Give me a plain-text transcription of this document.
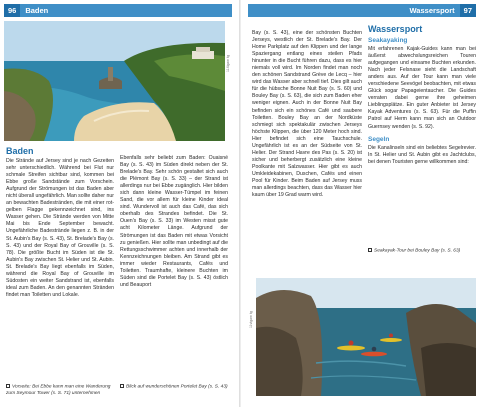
96	Baden	Wassersport	97
114lgam tg
Baden

Die Strände auf Jersey sind je nach Gezeiten sehr unterschiedlich. Während bei Flut nur schmale Streifen sichtbar sind, kommen bei Ebbe große Sandstände zum Vorschein. Aufgrund der Strömungen ist das Baden aber nicht überall ungefährlich. Man sollte daher nur an bewachten Badestränden, die mit einer rot-gelben Flagge gekennzeichnet sind, ins Wasser gehen. Die Strände werden von Mitte Mai bis Ende September bewacht. Ungefährliche Badestrände liegen z. B. in der St. Aubin's Bay (s. S. 43), St. Brelade's Bay (s. S. 43) und der Royal Bay of Grouville (s. S. 78). Die größte Bucht im Süden ist die St. Aubin's Bay zwischen St. Helier und St. Aubin. St. Brelade's Bay liegt ebenfalls im Süden, während die Royal Bay of Grouville im Südosten ein weiter Sandstrand ist, ebenfalls ideal zum Baden. An den genannten Stränden findet man Toiletten und Lokale.

Ebenfalls sehr beliebt zum Baden: Ouaisné Bay (s. S. 43) im Süden direkt neben der St. Brelade's Bay. Sehr schön gestaltet sich auch die Plémont Bay (s. S. 33) – der Strand ist allerdings nur bei Ebbe zugänglich. Hier bilden sich dann kleine Wasser-Tümpel im feinen Sand, die vor allem für kleine Kinder ideal sind. Wundervoll ist auch das Café, das sich oberhalb des Strandes befindet. Die St. Ouen's Bay (s. S. 33) im Westen misst gute acht Kilometer Länge. Aufgrund der Strömungen ist das Baden mit etwas Vorsicht zu genießen. Hier sollte man unbedingt auf die Rettungsschwimmer achten und innerhalb der Kennzeichnungen bleiben. Am Strand gibt es immer wieder Restaurants, Cafés und Toiletten. Traumhafte, kleinere Buchten im Süden sind die Portelet Bay (s. S. 43) östlich und Beauport

Vorseite: Bei Ebbe kann man eine Wanderung zum Seymour Tower (s. S. 71) unternehmen
Blick auf wunderschönen Portelet Bay (s. S. 43)

Bay (s. S. 43), eine der schönsten Buchten Jerseys, westlich der St. Brelade's Bay. Der Home Parkplatz auf den Klippen und der lange Spaziergang entlang eines steilen Pfads hinunter in die Bucht führen dazu, dass es hier niemals voll wird. Im Norden findet man noch den schönen Sandstrand Grève de Lecq – hier wird das Wasser aber schnell tief. Dies gilt auch für die hübsche Bonne Nuit Bay (s. S. 60) und Bouley Bay (s. S. 63), die sich zum Baden eher weniger eignen. Auch in der Bonne Nuit Bay befinden sich ein schönes Café und saubere Toiletten. Bouley Bay an der Nordküste schmiegt sich spektakulär zwischen Jerseys höchste Klippen, die über 120 Meter hoch sind. Hier befindet sich eine Tauchschule. Ungefährlich ist es an der Südseite von St. Helier. Der Strand Havre des Pas (s. S. 20) ist sicher und beherbergt zusätzlich eine kleine Poolkante mit Salzwasser. Hier gibt es auch Umkleidekabinen, Duschen, Cafés und einen Pool für Kinder. Beim Baden auf Jersey muss man allerdings beachten, dass das Wasser hier kaum über 19 Grad warm wird.

Wassersport
Seakayaking

Mit erfahrenen Kajak-Guides kann man bei äußerst abwechslungsreichen Touren aufgegangen und einsame Buchten erkunden. Nach jeder Felsnase sieht die Landschaft anders aus. Auf der Tour kann man viele verschiedene Seevögel beobachten, mit etwas Glück sogar Papageientaucher. Die Guides verraten dabei gerne ihre geheimen Lieblingsplätze. Ein guter Anbieter ist Jersey Kayak Adventures (s. S. 63). Für die Puffin Patrol auf Herm kann man sich an Outdoor Guernsey wenden (s. S. 92).

Segeln

Die Kanalinseln sind ein beliebtes Segelrevier. In St. Helier und St. Aubin gibt es Jachtclubs, bei denen Touristen gerne willkommen sind:

11vlgam tg
Seakayak-Tour bei Bouley Bay (s. S. 63)
